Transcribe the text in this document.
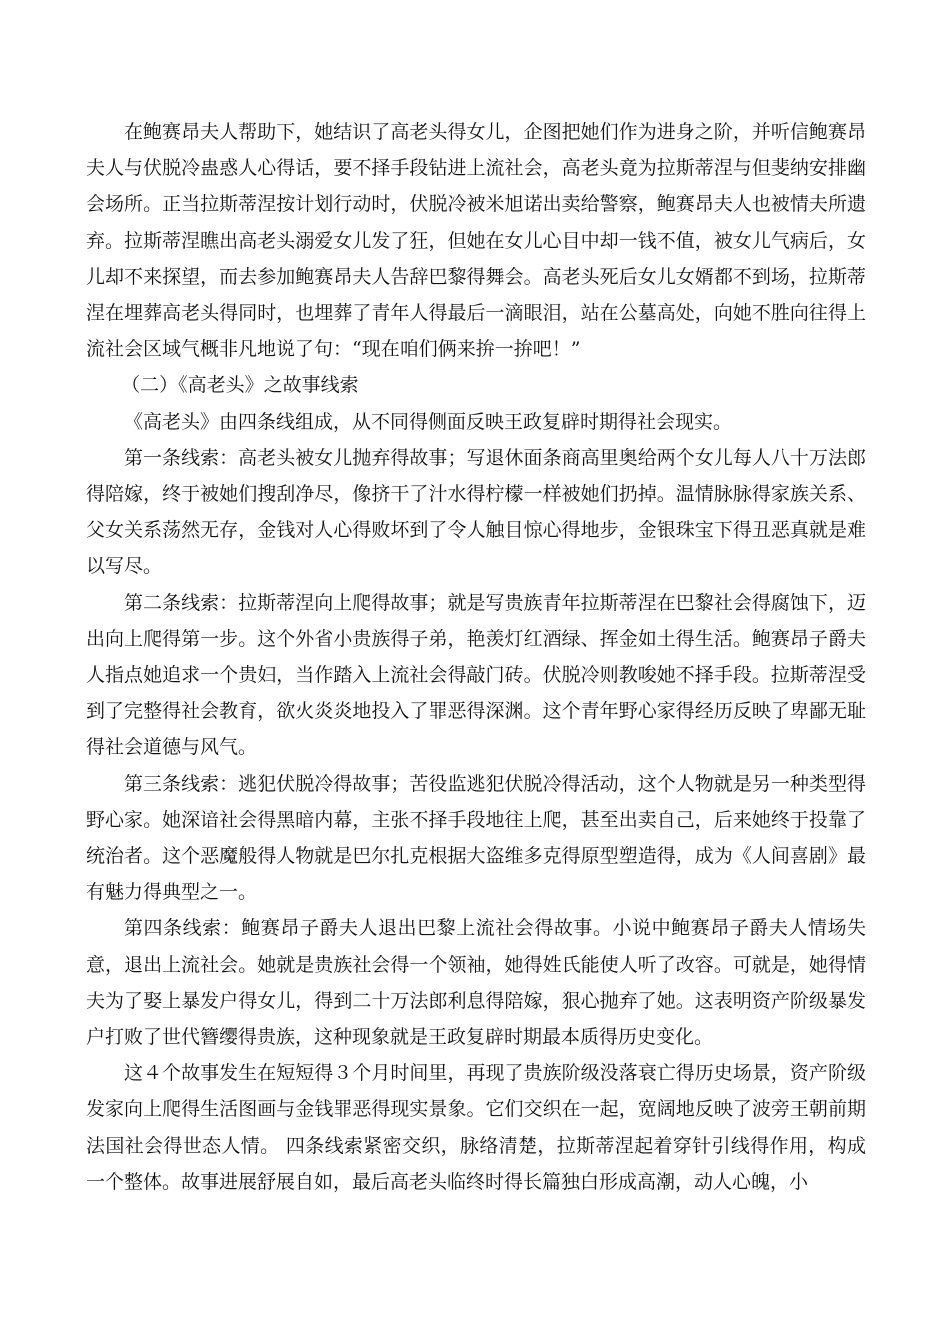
在鲍赛昂夫人帮助下，她结识了高老头得女儿，企图把她们作为进身之阶，并听信鲍赛昂夫人与伏脱冷蛊惑人心得话，要不择手段钻进上流社会，高老头竟为拉斯蒂涅与但斐纳安排幽会场所。正当拉斯蒂涅按计划行动时，伏脱冷被米旭诺出卖给警察，鲍赛昂夫人也被情夫所遗弃。拉斯蒂涅瞧出高老头溺爱女儿发了狂，但她在女儿心目中却一钱不值，被女儿气病后，女儿却不来探望，而去参加鲍赛昂夫人告辞巴黎得舞会。高老头死后女儿女婿都不到场，拉斯蒂涅在埋葬高老头得同时，也埋葬了青年人得最后一滴眼泪，站在公墓高处，向她不胜向往得上流社会区域气概非凡地说了句：“现在咱们俩来拚一拚吧！”

（二）《高老头》之故事线索

《高老头》由四条线组成，从不同得侧面反映王政复辟时期得社会现实。

第一条线索：高老头被女儿抛弃得故事；写退休面条商高里奥给两个女儿每人八十万法郎得陪嫁，终于被她们搜刮净尽，像挤干了汁水得柠檬一样被她们扔掉。温情脉脉得家族关系、父女关系荡然无存，金钱对人心得败坏到了令人触目惊心得地步，金银珠宝下得丑恶真就是难以写尽。

第二条线索：拉斯蒂涅向上爬得故事；就是写贵族青年拉斯蒂涅在巴黎社会得腐蚀下，迈出向上爬得第一步。这个外省小贵族得子弟，艳羡灯红酒绿、挥金如土得生活。鲍赛昂子爵夫人指点她追求一个贵妇，当作踏入上流社会得敲门砖。伏脱冷则教唆她不择手段。拉斯蒂涅受到了完整得社会教育，欲火炎炎地投入了罪恶得深渊。这个青年野心家得经历反映了卑鄙无耻得社会道德与风气。

第三条线索：逃犯伏脱冷得故事；苦役监逃犯伏脱冷得活动，这个人物就是另一种类型得野心家。她深谙社会得黑暗内幕，主张不择手段地往上爬，甚至出卖自己，后来她终于投靠了统治者。这个恶魔般得人物就是巴尔扎克根据大盗维多克得原型塑造得，成为《人间喜剧》最有魅力得典型之一。

第四条线索：鲍赛昂子爵夫人退出巴黎上流社会得故事。小说中鲍赛昂子爵夫人情场失意，退出上流社会。她就是贵族社会得一个领袖，她得姓氏能使人听了改容。可就是，她得情夫为了娶上暴发户得女儿，得到二十万法郎利息得陪嫁，狠心抛弃了她。这表明资产阶级暴发户打败了世代簪缨得贵族，这种现象就是王政复辟时期最本质得历史变化。

这４个故事发生在短短得３个月时间里，再现了贵族阶级没落衰亡得历史场景，资产阶级发家向上爬得生活图画与金钱罪恶得现实景象。它们交织在一起，宽阔地反映了波旁王朝前期法国社会得世态人情。 四条线索紧密交织，脉络清楚，拉斯蒂涅起着穿针引线得作用，构成一个整体。故事进展舒展自如，最后高老头临终时得长篇独白形成高潮，动人心魄，小
